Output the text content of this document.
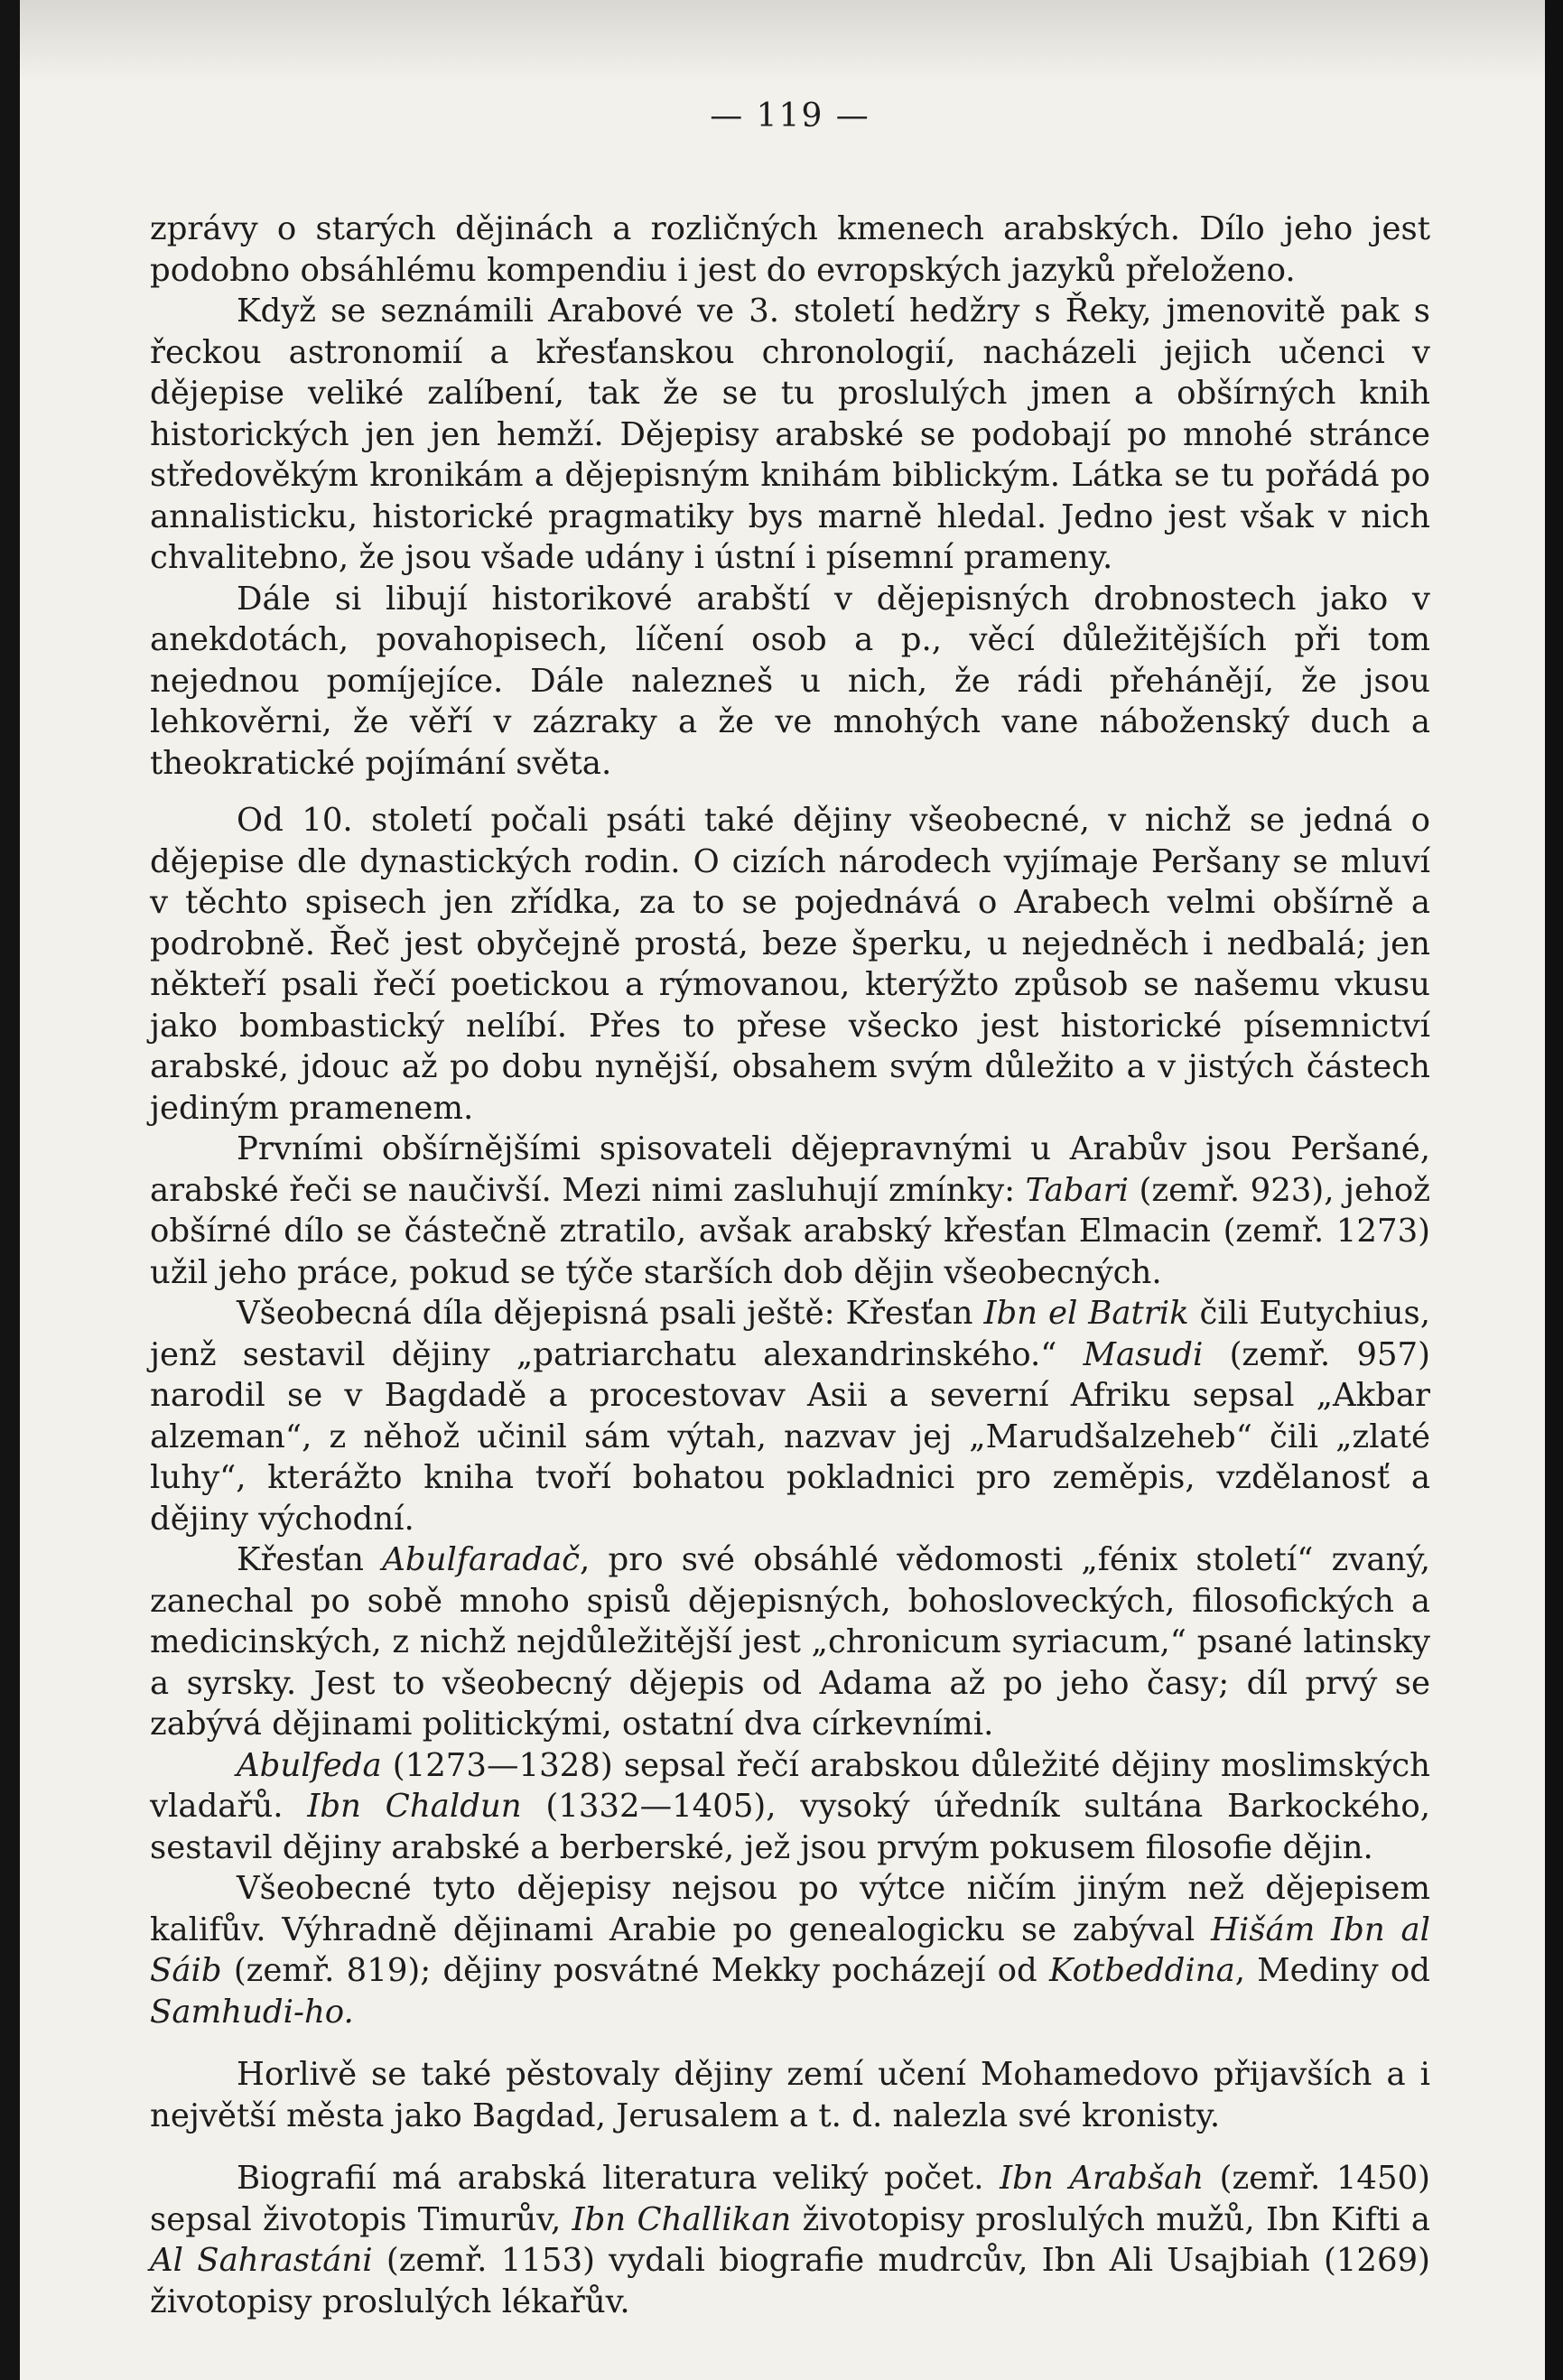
— 119 —

zprávy o starých dějinách a rozličných kmenech arabských. Dílo jeho jest podobno obsáhlému kompendiu i jest do evropských jazyků přeloženo.

Když se seznámili Arabové ve 3. století hedžry s Řeky, jmenovitě pak s řeckou astronomií a křesťanskou chronologií, nacházeli jejich učenci v dějepise veliké zalíbení, tak že se tu proslulých jmen a obšírných knih historických jen jen hemží. Dějepisy arabské se podobají po mnohé stránce středověkým kronikám a dějepisným knihám biblickým. Látka se tu pořádá po annalisticku, historické pragmatiky bys marně hledal. Jedno jest však v nich chvalitebno, že jsou všade udány i ústní i písemní prameny.

Dále si libují historikové arabští v dějepisných drobnostech jako v anekdotách, povahopisech, líčení osob a p., věcí důležitějších při tom nejednou pomíjejíce. Dále nalezneš u nich, že rádi přehánějí, že jsou lehkověrni, že věří v zázraky a že ve mnohých vane náboženský duch a theokratické pojímání světa.

Od 10. století počali psáti také dějiny všeobecné, v nichž se jedná o dějepise dle dynastických rodin. O cizích národech vyjímaje Peršany se mluví v těchto spisech jen zřídka, za to se pojednává o Arabech velmi obšírně a podrobně. Řeč jest obyčejně prostá, beze šperku, u nejedněch i nedbalá; jen někteří psali řečí poetickou a rýmovanou, kterýžto způsob se našemu vkusu jako bombastický nelíbí. Přes to přese všecko jest historické písemnictví arabské, jdouc až po dobu nynější, obsahem svým důležito a v jistých částech jediným pramenem.

Prvními obšírnějšími spisovateli dějepravnými u Arabův jsou Peršané, arabské řeči se naučivší. Mezi nimi zasluhují zmínky: Tabari (zemř. 923), jehož obšírné dílo se částečně ztratilo, avšak arabský křesťan Elmacin (zemř. 1273) užil jeho práce, pokud se týče starších dob dějin všeobecných.

Všeobecná díla dějepisná psali ještě: Křesťan Ibn el Batrik čili Eutychius, jenž sestavil dějiny „patriarchatu alexandrinského.“ Masudi (zemř. 957) narodil se v Bagdadě a procestovav Asii a severní Afriku sepsal „Akbar alzeman“, z něhož učinil sám výtah, nazvav jej „Marudšalzeheb“ čili „zlaté luhy“, kterážto kniha tvoří bohatou pokladnici pro zeměpis, vzdělanosť a dějiny východní.

Křesťan Abulfaradač, pro své obsáhlé vědomosti „fénix století“ zvaný, zanechal po sobě mnoho spisů dějepisných, bohosloveckých, filosofických a medicinských, z nichž nejdůležitější jest „chronicum syriacum,“ psané latinsky a syrsky. Jest to všeobecný dějepis od Adama až po jeho časy; díl prvý se zabývá dějinami politickými, ostatní dva církevními.

Abulfeda (1273—1328) sepsal řečí arabskou důležité dějiny moslimských vladařů. Ibn Chaldun (1332—1405), vysoký úředník sultána Barkockého, sestavil dějiny arabské a berberské, jež jsou prvým pokusem filosofie dějin.

Všeobecné tyto dějepisy nejsou po výtce ničím jiným než dějepisem kalifův. Výhradně dějinami Arabie po genealogicku se zabýval Hišám Ibn al Sáib (zemř. 819); dějiny posvátné Mekky pocházejí od Kotbeddina, Mediny od Samhudi-ho.

Horlivě se také pěstovaly dějiny zemí učení Mohamedovo přijavších a i největší města jako Bagdad, Jerusalem a t. d. nalezla své kronisty.

Biografií má arabská literatura veliký počet. Ibn Arabšah (zemř. 1450) sepsal životopis Timurův, Ibn Challikan životopisy proslulých mužů, Ibn Kifti a Al Sahrastáni (zemř. 1153) vydali biografie mudrcův, Ibn Ali Usajbiah (1269) životopisy proslulých lékařův.
